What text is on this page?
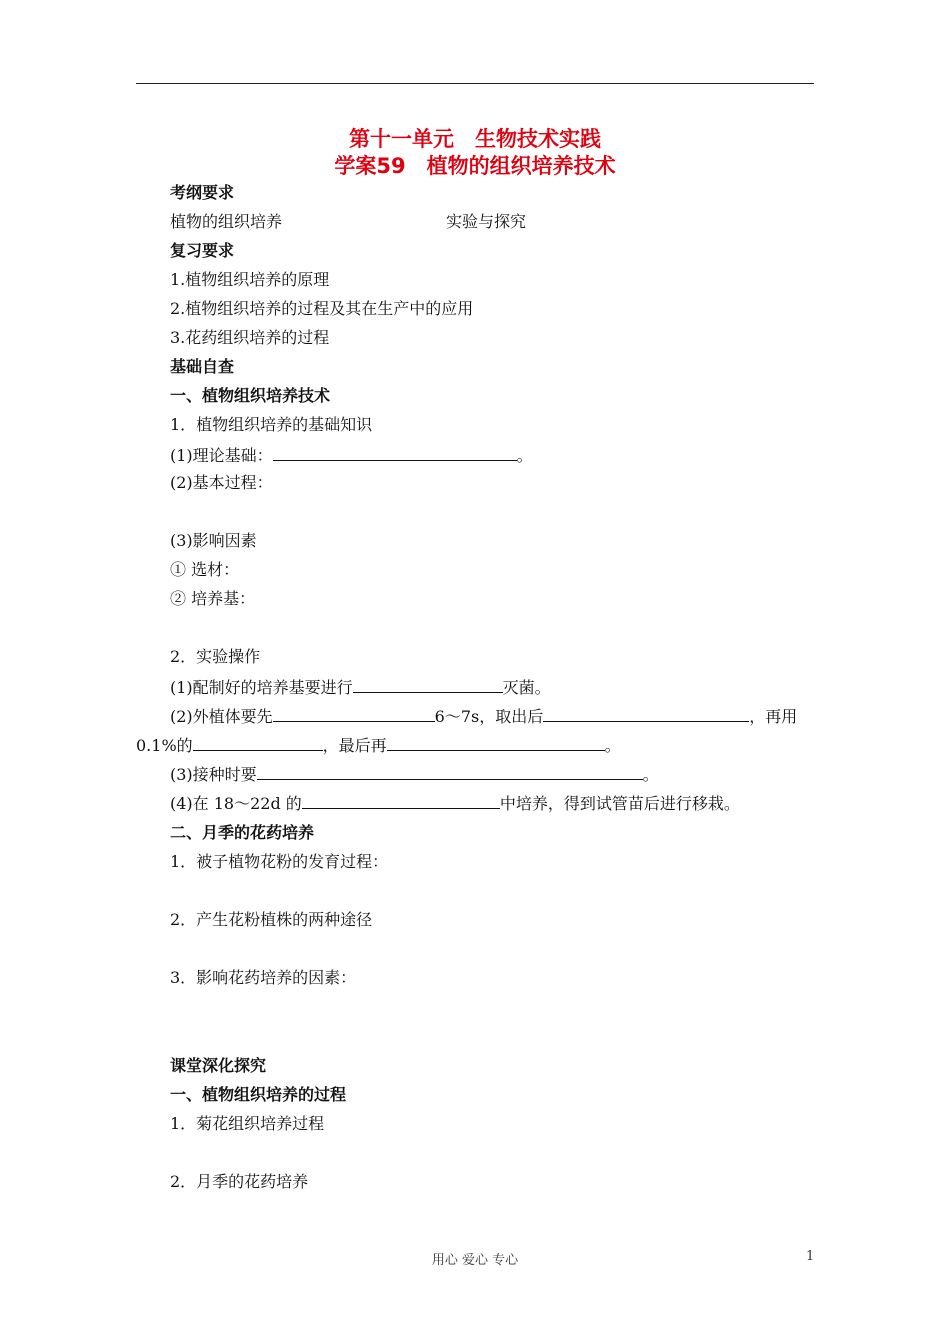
第十一单元　生物技术实践
学案59　植物的组织培养技术
考纲要求
植物的组织培养	实验与探究
复习要求
1.植物组织培养的原理
2.植物组织培养的过程及其在生产中的应用
3.花药组织培养的过程
基础自查
一、植物组织培养技术
1．植物组织培养的基础知识
(1)理论基础：	。
(2)基本过程：
(3)影响因素
① 选材：
② 培养基：
2．实验操作
(1)配制好的培养基要进行	灭菌。
(2)外植体要先	6～7s，取出后	，再用
0.1%的	，最后再	。
(3)接种时要	。
(4)在 18～22d 的	中培养，得到试管苗后进行移栽。
二、月季的花药培养
1．被子植物花粉的发育过程：
2．产生花粉植株的两种途径
3．影响花药培养的因素：
课堂深化探究
一、植物组织培养的过程
1．菊花组织培养过程
2．月季的花药培养
用心 爱心 专心	1
